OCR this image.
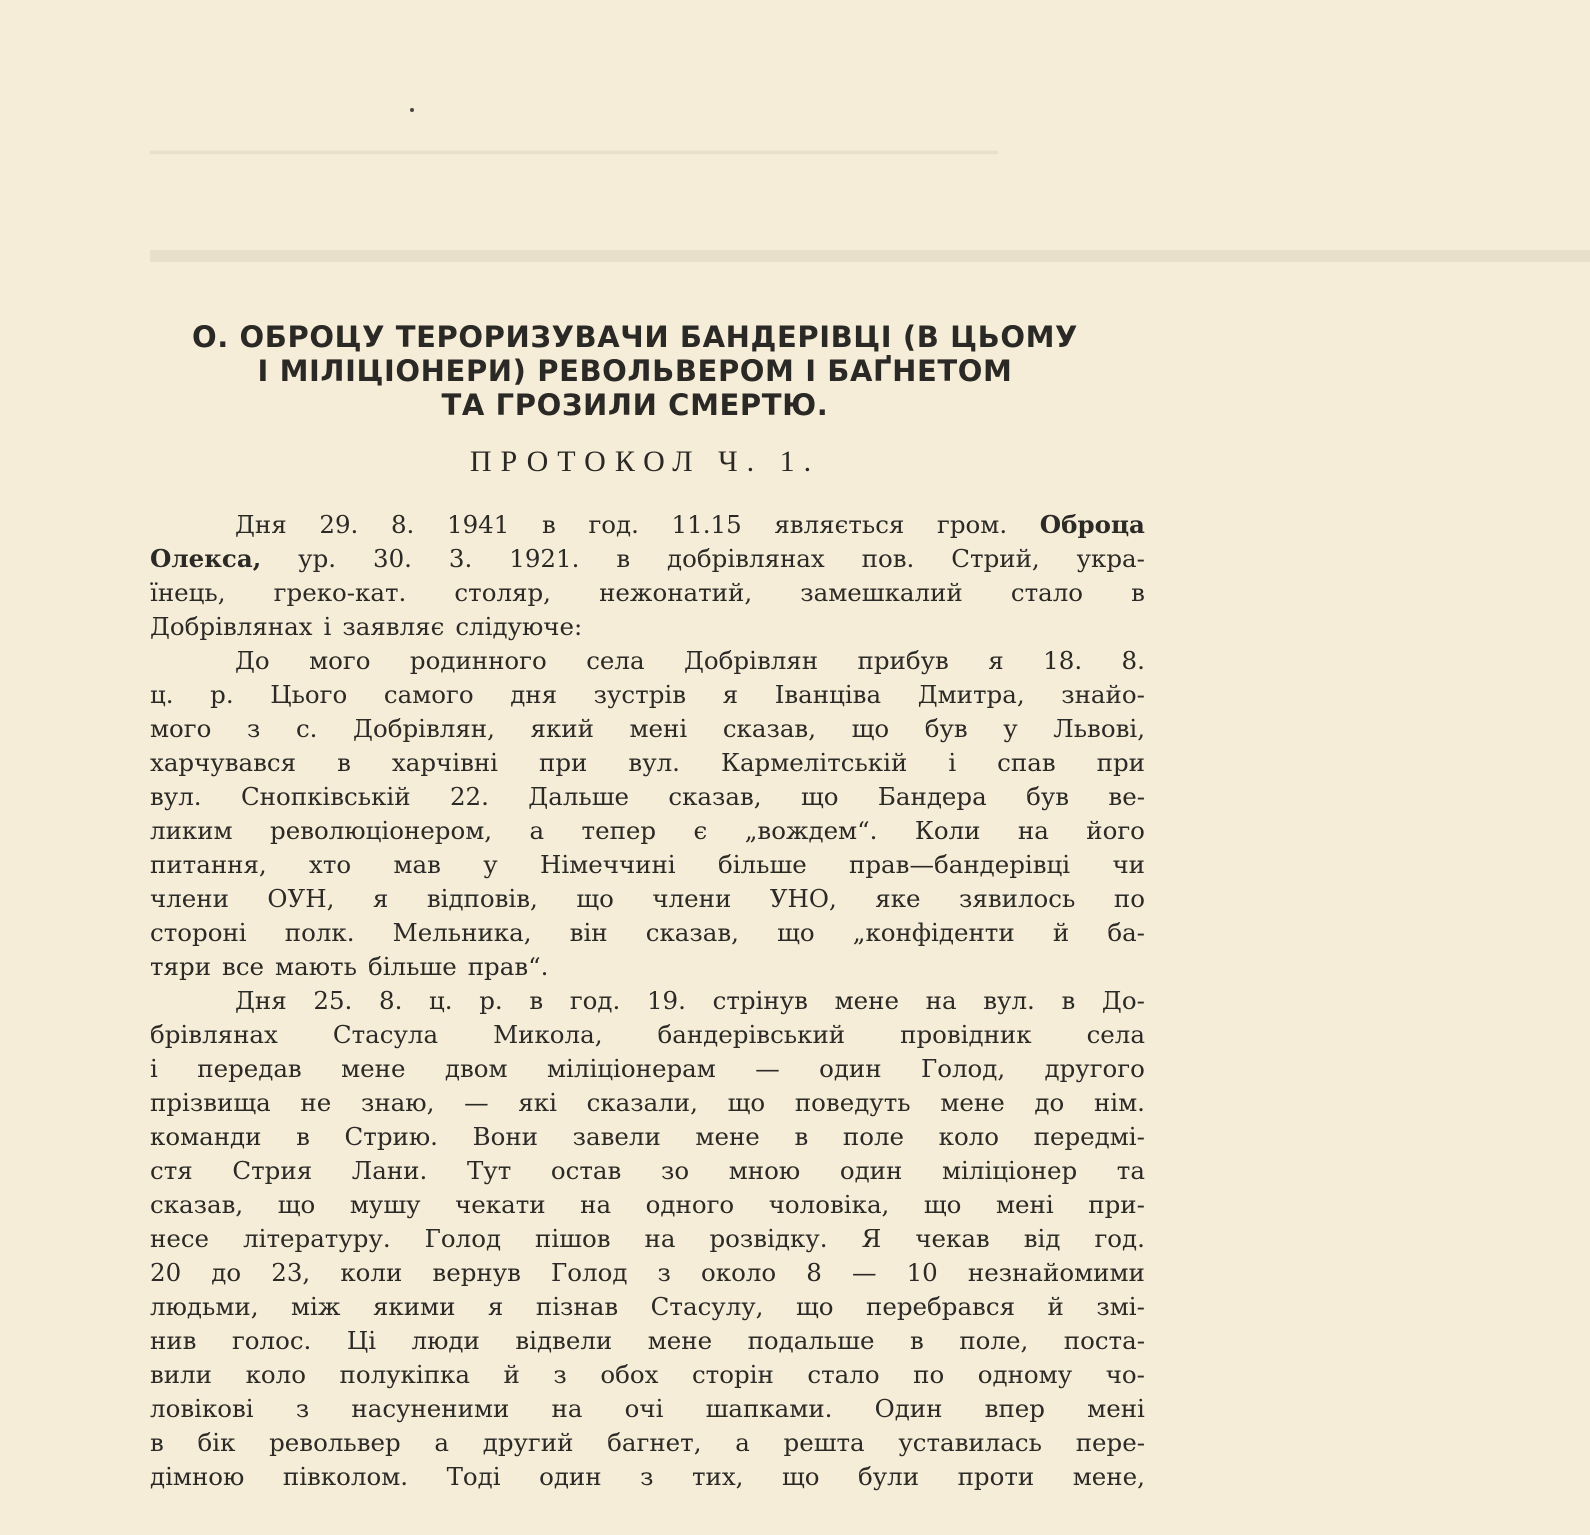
━━━━━━━━━━━━━━━━━━━━━━━━━━━━━━━━━━━━━━━━━━━━━━━━━━━━━━━━━━━━━━━━
▬▬▬▬▬▬▬▬▬▬▬▬▬▬▬▬▬▬▬▬▬▬▬▬▬▬▬▬▬▬▬▬▬▬▬▬
О. ОБРОЦУ ТЕРОРИЗУВАЧИ БАНДЕРІВЦІ (В ЦЬОМУ
І МІЛІЦІОНЕРИ) РЕВОЛЬВЕРОМ І БАҐНЕТОМ
ТА ГРОЗИЛИ СМЕРТЮ.
ПРОТОКОЛ Ч. 1.
Дня 29. 8. 1941 в год. 11.15 являється гром. Оброца
Олекса, ур. 30. 3. 1921. в добрівлянах пов. Стрий, укра-
їнець, греко-кат. столяр, нежонатий, замешкалий стало в
Добрівлянах і заявляє слідуюче:
До мого родинного села Добрівлян прибув я 18. 8.
ц. р. Цього самого дня зустрів я Іванціва Дмитра, знайо-
мого з с. Добрівлян, який мені сказав, що був у Львові,
харчувався в харчівні при вул. Кармелітській і спав при
вул. Снопківській 22. Дальше сказав, що Бандера був ве-
ликим революціонером, а тепер є „вождем“. Коли на його
питання, хто мав у Німеччині більше прав—бандерівці чи
члени ОУН, я відповів, що члени УНО, яке зявилось по
стороні полк. Мельника, він сказав, що „конфіденти й ба-
тяри все мають більше прав“.
Дня 25. 8. ц. р. в год. 19. стрінув мене на вул. в До-
брівлянах Стасула Микола, бандерівський провідник села
і передав мене двом міліціонерам — один Голод, другого
прізвища не знаю, — які сказали, що поведуть мене до нім.
команди в Стрию. Вони завели мене в поле коло передмі-
стя Стрия Лани. Тут остав зо мною один міліціонер та
сказав, що мушу чекати на одного чоловіка, що мені при-
несе літературу. Голод пішов на розвідку. Я чекав від год.
20 до 23, коли вернув Голод з около 8 — 10 незнайомими
людьми, між якими я пізнав Стасулу, що перебрався й змі-
нив голос. Ці люди відвели мене подальше в поле, поста-
вили коло полукіпка й з обох сторін стало по одному чо-
ловікові з насуненими на очі шапками. Один впер мені
в бік револьвер а другий багнет, а решта уставилась пере-
дімною півколом. Тоді один з тих, що були проти мене,
